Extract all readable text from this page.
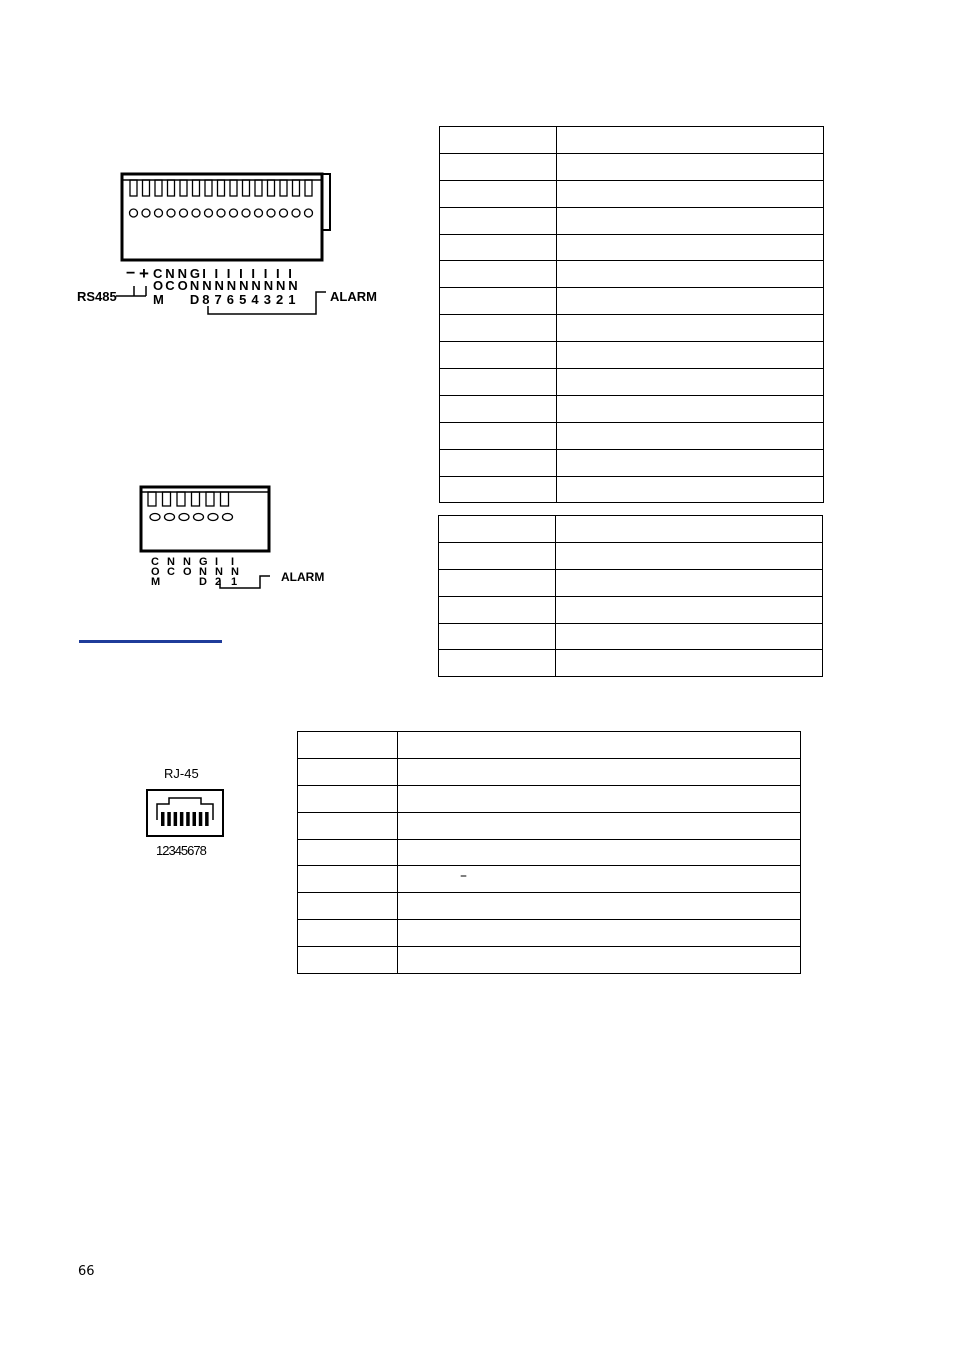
RS485
− + C
O
M
N
C
N
O
G
N
D
I
N
8
I
N
7
I
N
6
I
N
5
I
N
4
I
N
3
I
N
2
I
N
1	ALARM
C
O
M
N
C
N
O
G
N
D
I
N
2
I
N
1	ALARM
RJ-45
12345678

–
66
